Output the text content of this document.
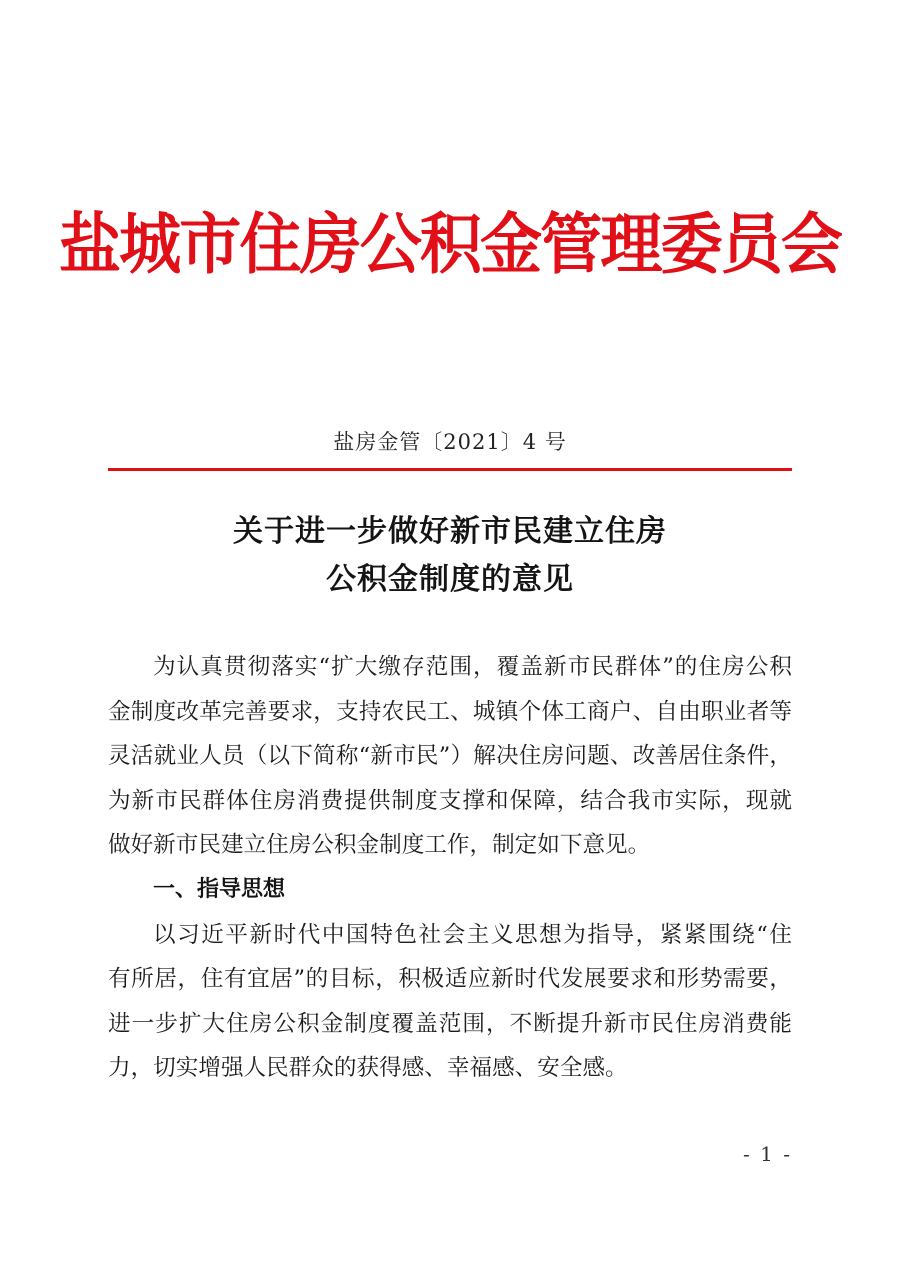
盐城市住房公积金管理委员会
盐房金管〔2021〕4 号
关于进一步做好新市民建立住房
公积金制度的意见

为认真贯彻落实“扩大缴存范围，覆盖新市民群体”的住房公积
金制度改革完善要求，支持农民工、城镇个体工商户、自由职业者等
灵活就业人员（以下简称“新市民”）解决住房问题、改善居住条件，
为新市民群体住房消费提供制度支撑和保障，结合我市实际，现就
做好新市民建立住房公积金制度工作，制定如下意见。

一、指导思想

以习近平新时代中国特色社会主义思想为指导，紧紧围绕“住
有所居，住有宜居”的目标，积极适应新时代发展要求和形势需要，
进一步扩大住房公积金制度覆盖范围，不断提升新市民住房消费能
力，切实增强人民群众的获得感、幸福感、安全感。

- 1 -
